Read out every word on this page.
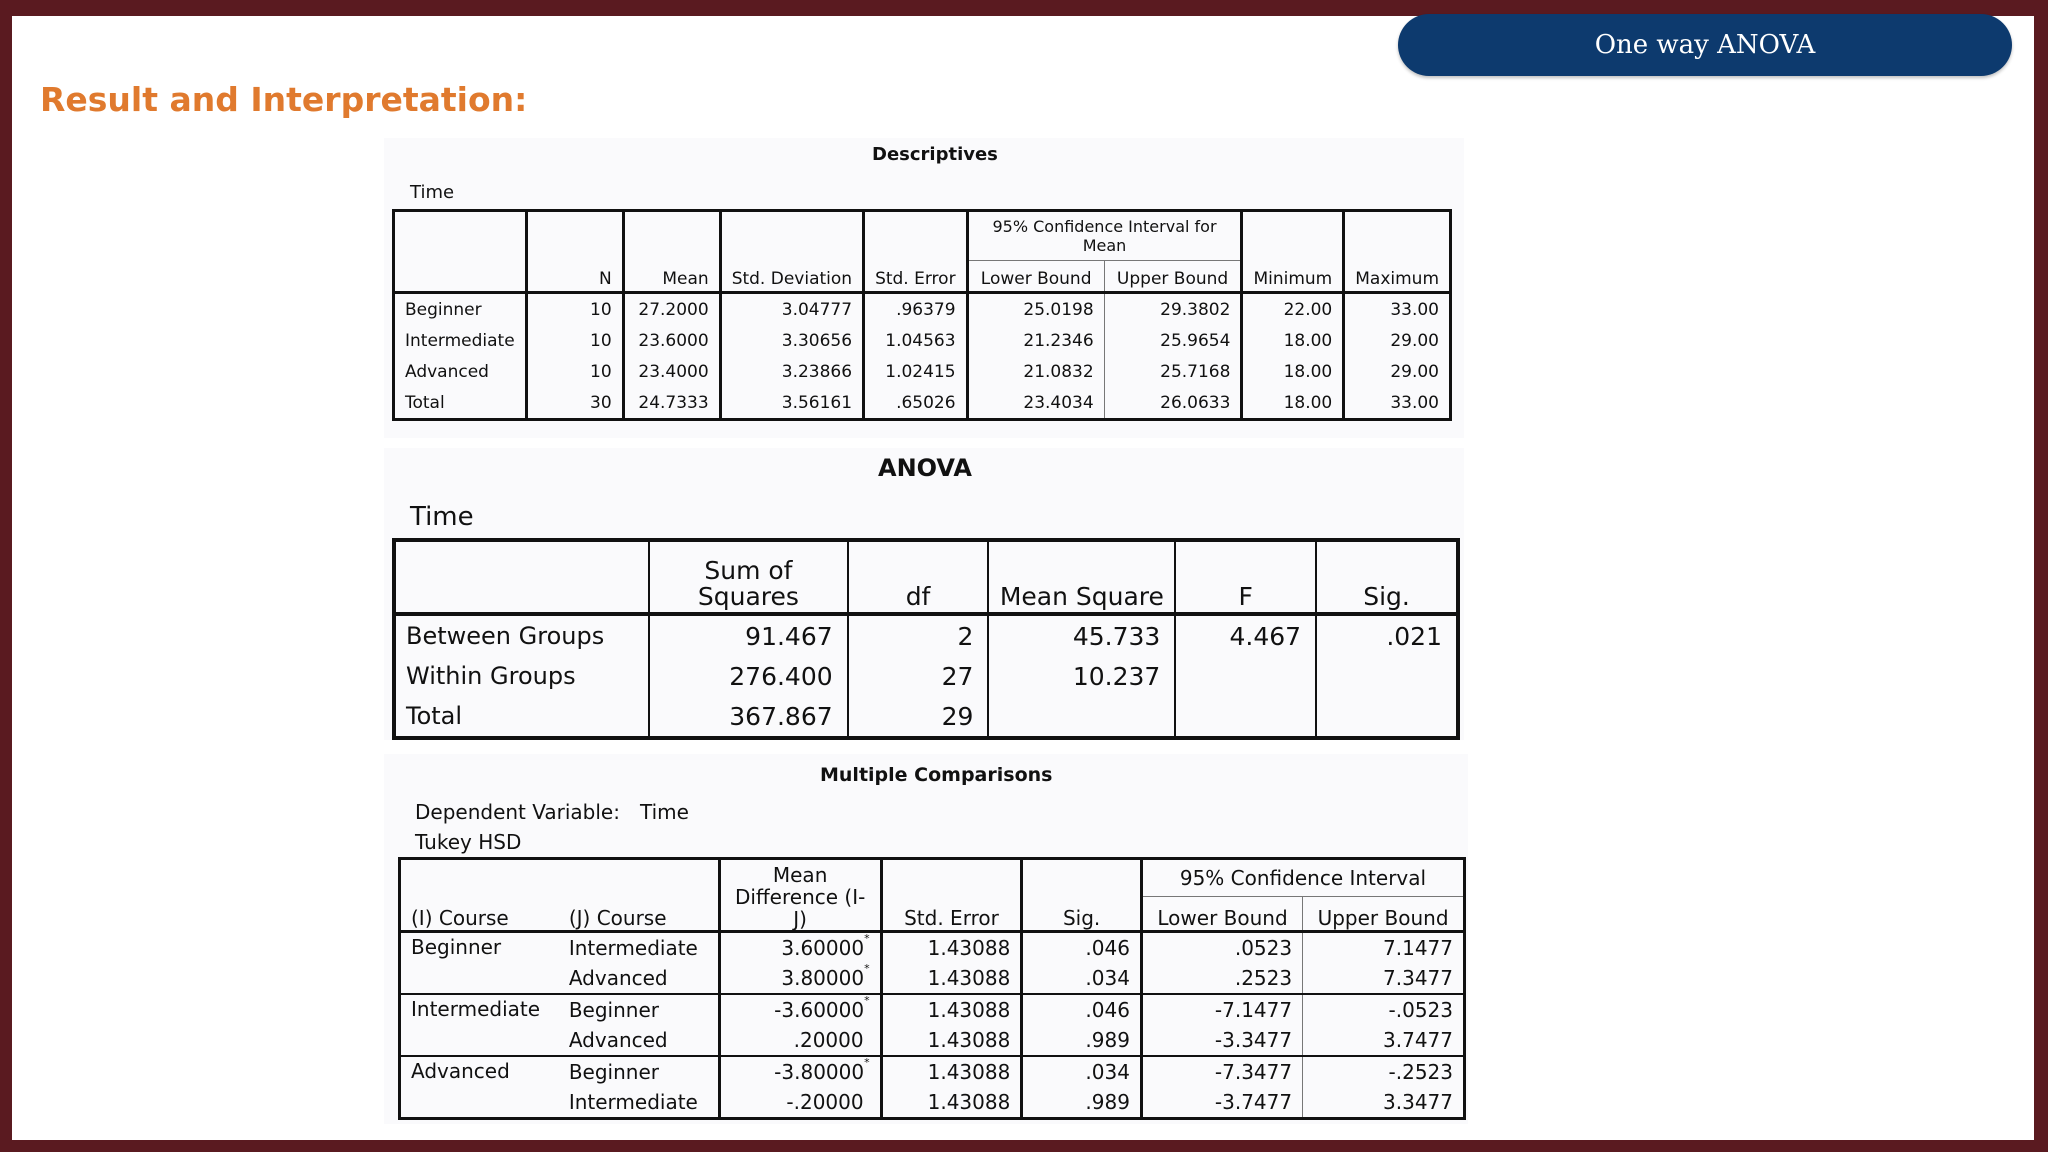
One way ANOVA
Result and Interpretation:
Descriptives
Time
	N	Mean	Std. Deviation	Std. Error	95% Confidence Interval for Mean		Minimum	Maximum
					Lower Bound	Upper Bound		
Beginner	10	27.2000	3.04777	.96379	25.0198	29.3802	22.00	33.00
Intermediate	10	23.6000	3.30656	1.04563	21.2346	25.9654	18.00	29.00
Advanced	10	23.4000	3.23866	1.02415	21.0832	25.7168	18.00	29.00
Total	30	24.7333	3.56161	.65026	23.4034	26.0633	18.00	33.00
ANOVA
Time
	Sum of Squares	df	Mean Square	F	Sig.
Between Groups	91.467	2	45.733	4.467	.021
Within Groups	276.400	27	10.237		
Total	367.867	29			
Multiple Comparisons
Dependent Variable: Time
Tukey HSD
(I) Course	(J) Course	Mean Difference (I-J)	Std. Error	Sig.	95% Confidence Interval	
					Lower Bound	Upper Bound
Beginner	Intermediate	3.60000*	1.43088	.046	.0523	7.1477
	Advanced	3.80000*	1.43088	.034	.2523	7.3477
Intermediate	Beginner	-3.60000*	1.43088	.046	-7.1477	-.0523
	Advanced	.20000	1.43088	.989	-3.3477	3.7477
Advanced	Beginner	-3.80000*	1.43088	.034	-7.3477	-.2523
	Intermediate	-.20000	1.43088	.989	-3.7477	3.3477
